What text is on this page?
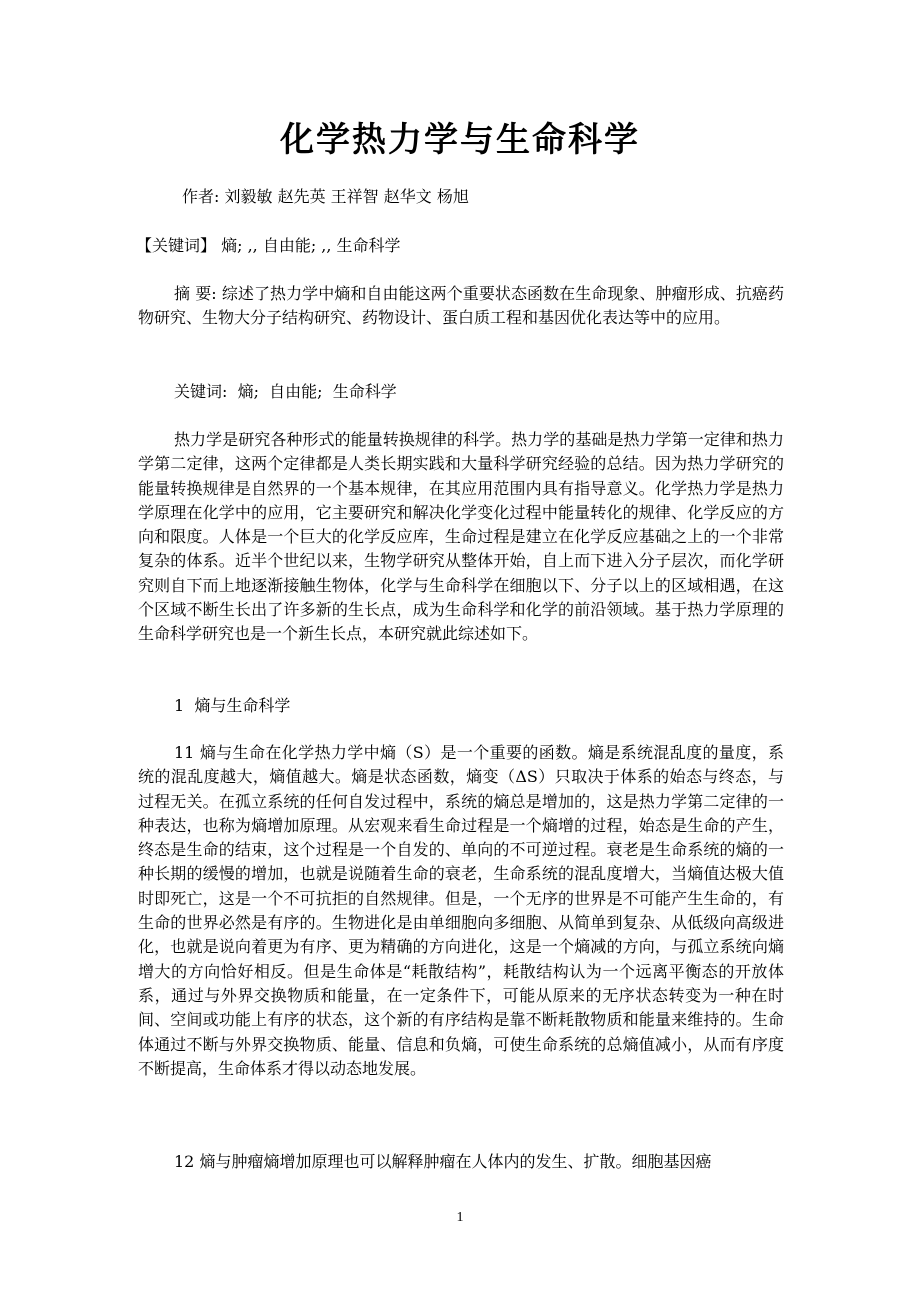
化学热力学与生命科学
作者: 刘毅敏 赵先英 王祥智 赵华文 杨旭
【关键词】 熵; ,, 自由能; ,, 生命科学

摘 要: 综述了热力学中熵和自由能这两个重要状态函数在生命现象、肿瘤形成、抗癌药物研究、生物大分子结构研究、药物设计、蛋白质工程和基因优化表达等中的应用。

关键词:  熵;  自由能;  生命科学

热力学是研究各种形式的能量转换规律的科学。热力学的基础是热力学第一定律和热力学第二定律，这两个定律都是人类长期实践和大量科学研究经验的总结。因为热力学研究的能量转换规律是自然界的一个基本规律，在其应用范围内具有指导意义。化学热力学是热力学原理在化学中的应用，它主要研究和解决化学变化过程中能量转化的规律、化学反应的方向和限度。人体是一个巨大的化学反应库，生命过程是建立在化学反应基础之上的一个非常复杂的体系。近半个世纪以来，生物学研究从整体开始，自上而下进入分子层次，而化学研究则自下而上地逐渐接触生物体，化学与生命科学在细胞以下、分子以上的区域相遇，在这个区域不断生长出了许多新的生长点，成为生命科学和化学的前沿领域。基于热力学原理的生命科学研究也是一个新生长点，本研究就此综述如下。

1  熵与生命科学

11 熵与生命在化学热力学中熵（S）是一个重要的函数。熵是系统混乱度的量度，系统的混乱度越大，熵值越大。熵是状态函数，熵变（ΔS）只取决于体系的始态与终态，与过程无关。在孤立系统的任何自发过程中，系统的熵总是增加的，这是热力学第二定律的一种表达，也称为熵增加原理。从宏观来看生命过程是一个熵增的过程，始态是生命的产生，终态是生命的结束，这个过程是一个自发的、单向的不可逆过程。衰老是生命系统的熵的一种长期的缓慢的增加，也就是说随着生命的衰老，生命系统的混乱度增大，当熵值达极大值时即死亡，这是一个不可抗拒的自然规律。但是，一个无序的世界是不可能产生生命的，有生命的世界必然是有序的。生物进化是由单细胞向多细胞、从简单到复杂、从低级向高级进化，也就是说向着更为有序、更为精确的方向进化，这是一个熵减的方向，与孤立系统向熵增大的方向恰好相反。但是生命体是“耗散结构”，耗散结构认为一个远离平衡态的开放体系，通过与外界交换物质和能量，在一定条件下，可能从原来的无序状态转变为一种在时间、空间或功能上有序的状态，这个新的有序结构是靠不断耗散物质和能量来维持的。生命体通过不断与外界交换物质、能量、信息和负熵，可使生命系统的总熵值减小，从而有序度不断提高，生命体系才得以动态地发展。

12 熵与肿瘤熵增加原理也可以解释肿瘤在人体内的发生、扩散。细胞基因癌

1
